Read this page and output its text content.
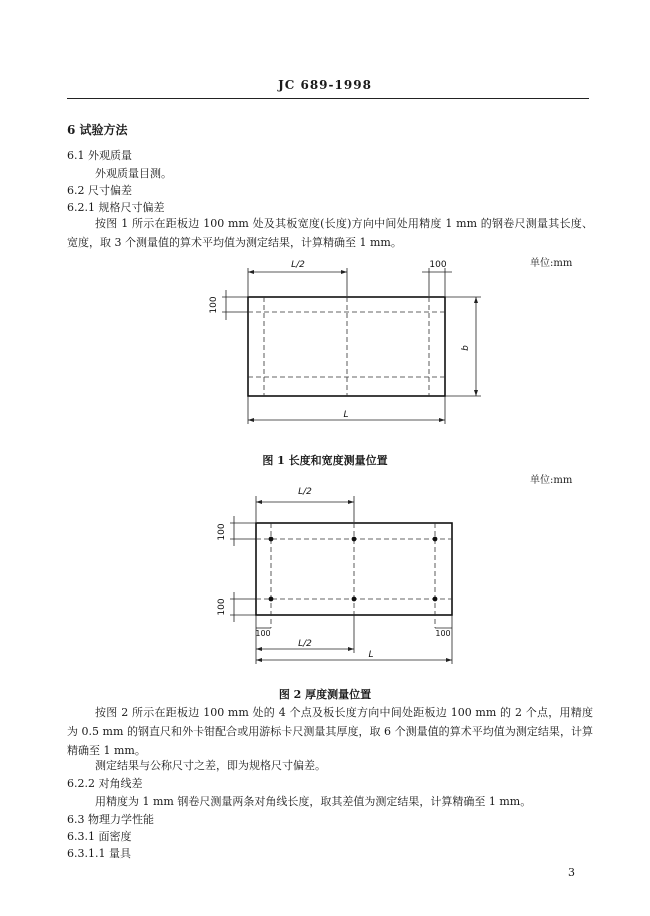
JC 689-1998
6 试验方法
6.1 外观质量
外观质量目测。
6.2 尺寸偏差
6.2.1 规格尺寸偏差
按图 1 所示在距板边 100 mm 处及其板宽度(长度)方向中间处用精度 1 mm 的钢卷尺测量其长度、宽度，取 3 个测量值的算术平均值为测定结果，计算精确至 1 mm。
单位:mm
L/2	100
100
b
L
图 1 长度和宽度测量位置
单位:mm
L/2
100
100
100	100
L/2
L
图 2 厚度测量位置
按图 2 所示在距板边 100 mm 处的 4 个点及板长度方向中间处距板边 100 mm 的 2 个点，用精度为 0.5 mm 的钢直尺和外卡钳配合或用游标卡尺测量其厚度，取 6 个测量值的算术平均值为测定结果，计算精确至 1 mm。
测定结果与公称尺寸之差，即为规格尺寸偏差。
6.2.2 对角线差
用精度为 1 mm 钢卷尺测量两条对角线长度，取其差值为测定结果，计算精确至 1 mm。
6.3 物理力学性能
6.3.1 面密度
6.3.1.1 量具
3
